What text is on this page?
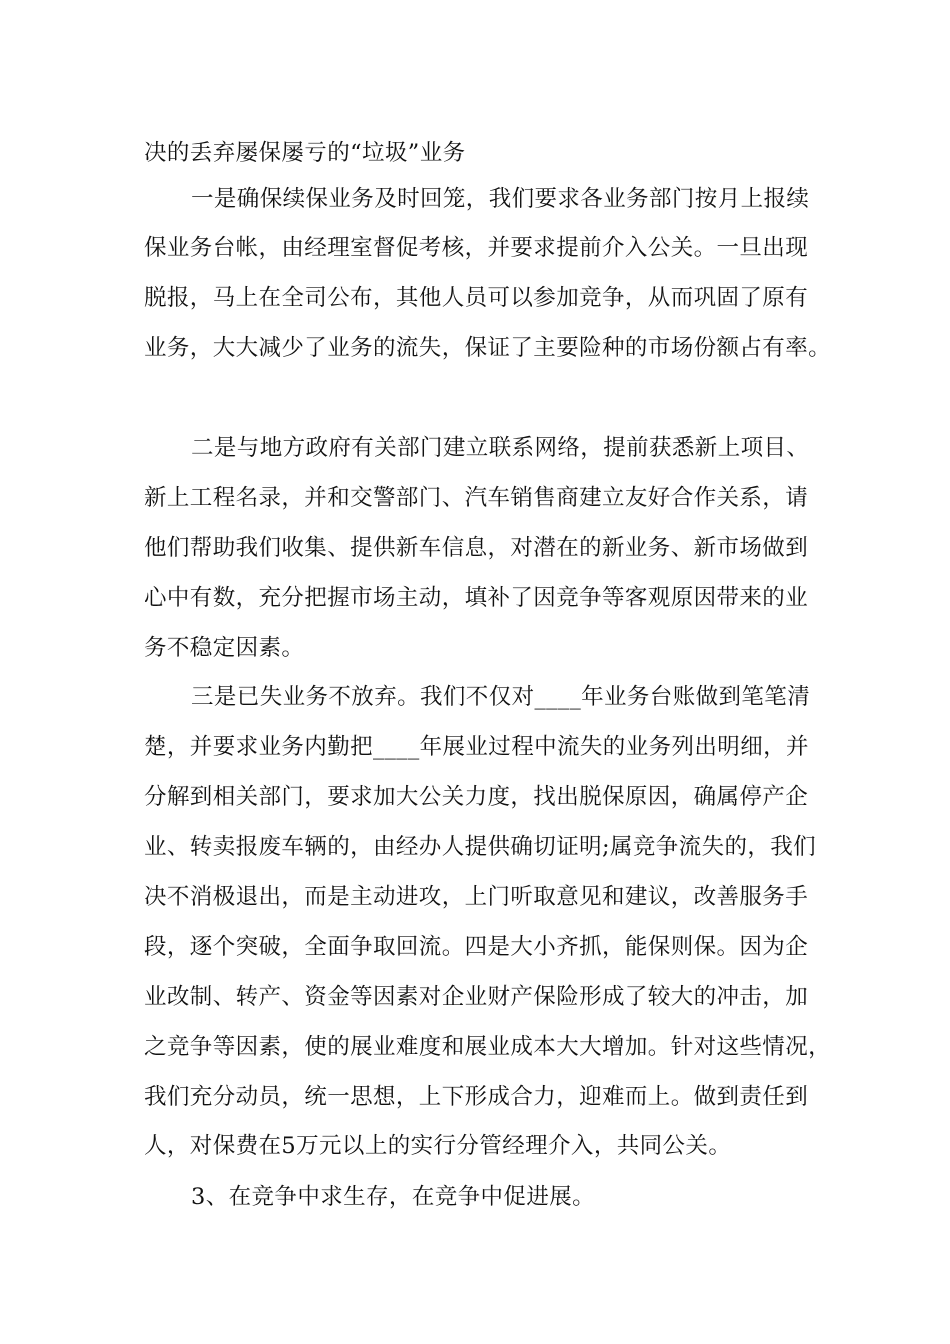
决的丢弃屡保屡亏的“垃圾”业务
一是确保续保业务及时回笼，我们要求各业务部门按月上报续
保业务台帐，由经理室督促考核，并要求提前介入公关。一旦出现
脱报，马上在全司公布，其他人员可以参加竞争，从而巩固了原有
业务，大大减少了业务的流失，保证了主要险种的市场份额占有率。
二是与地方政府有关部门建立联系网络，提前获悉新上项目、
新上工程名录，并和交警部门、汽车销售商建立友好合作关系，请
他们帮助我们收集、提供新车信息，对潜在的新业务、新市场做到
心中有数，充分把握市场主动，填补了因竞争等客观原因带来的业
务不稳定因素。
三是已失业务不放弃。我们不仅对____年业务台账做到笔笔清
楚，并要求业务内勤把____年展业过程中流失的业务列出明细，并
分解到相关部门，要求加大公关力度，找出脱保原因，确属停产企
业、转卖报废车辆的，由经办人提供确切证明;属竞争流失的，我们
决不消极退出，而是主动进攻，上门听取意见和建议，改善服务手
段，逐个突破，全面争取回流。四是大小齐抓，能保则保。因为企
业改制、转产、资金等因素对企业财产保险形成了较大的冲击，加
之竞争等因素，使的展业难度和展业成本大大增加。针对这些情况，
我们充分动员，统一思想，上下形成合力，迎难而上。做到责任到
人，对保费在5万元以上的实行分管经理介入，共同公关。
3、在竞争中求生存，在竞争中促进展。
